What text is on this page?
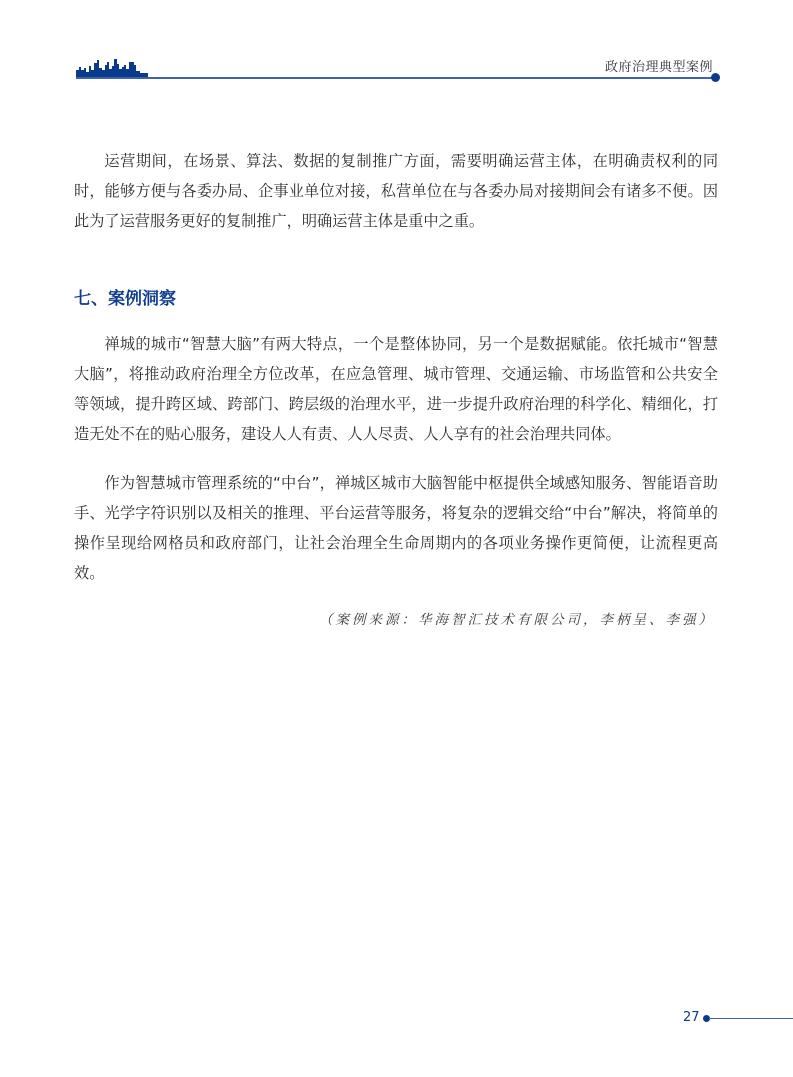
政府治理典型案例

运营期间，在场景、算法、数据的复制推广方面，需要明确运营主体，在明确责权利的同时，能够方便与各委办局、企事业单位对接，私营单位在与各委办局对接期间会有诸多不便。因此为了运营服务更好的复制推广，明确运营主体是重中之重。

七、案例洞察

禅城的城市“智慧大脑”有两大特点，一个是整体协同，另一个是数据赋能。依托城市“智慧大脑”，将推动政府治理全方位改革，在应急管理、城市管理、交通运输、市场监管和公共安全等领域，提升跨区域、跨部门、跨层级的治理水平，进一步提升政府治理的科学化、精细化，打造无处不在的贴心服务，建设人人有责、人人尽责、人人享有的社会治理共同体。

作为智慧城市管理系统的“中台”，禅城区城市大脑智能中枢提供全域感知服务、智能语音助手、光学字符识别以及相关的推理、平台运营等服务，将复杂的逻辑交给“中台”解决，将简单的操作呈现给网格员和政府部门，让社会治理全生命周期内的各项业务操作更简便，让流程更高效。

（案例来源：华海智汇技术有限公司，李柄呈、李强）
27
